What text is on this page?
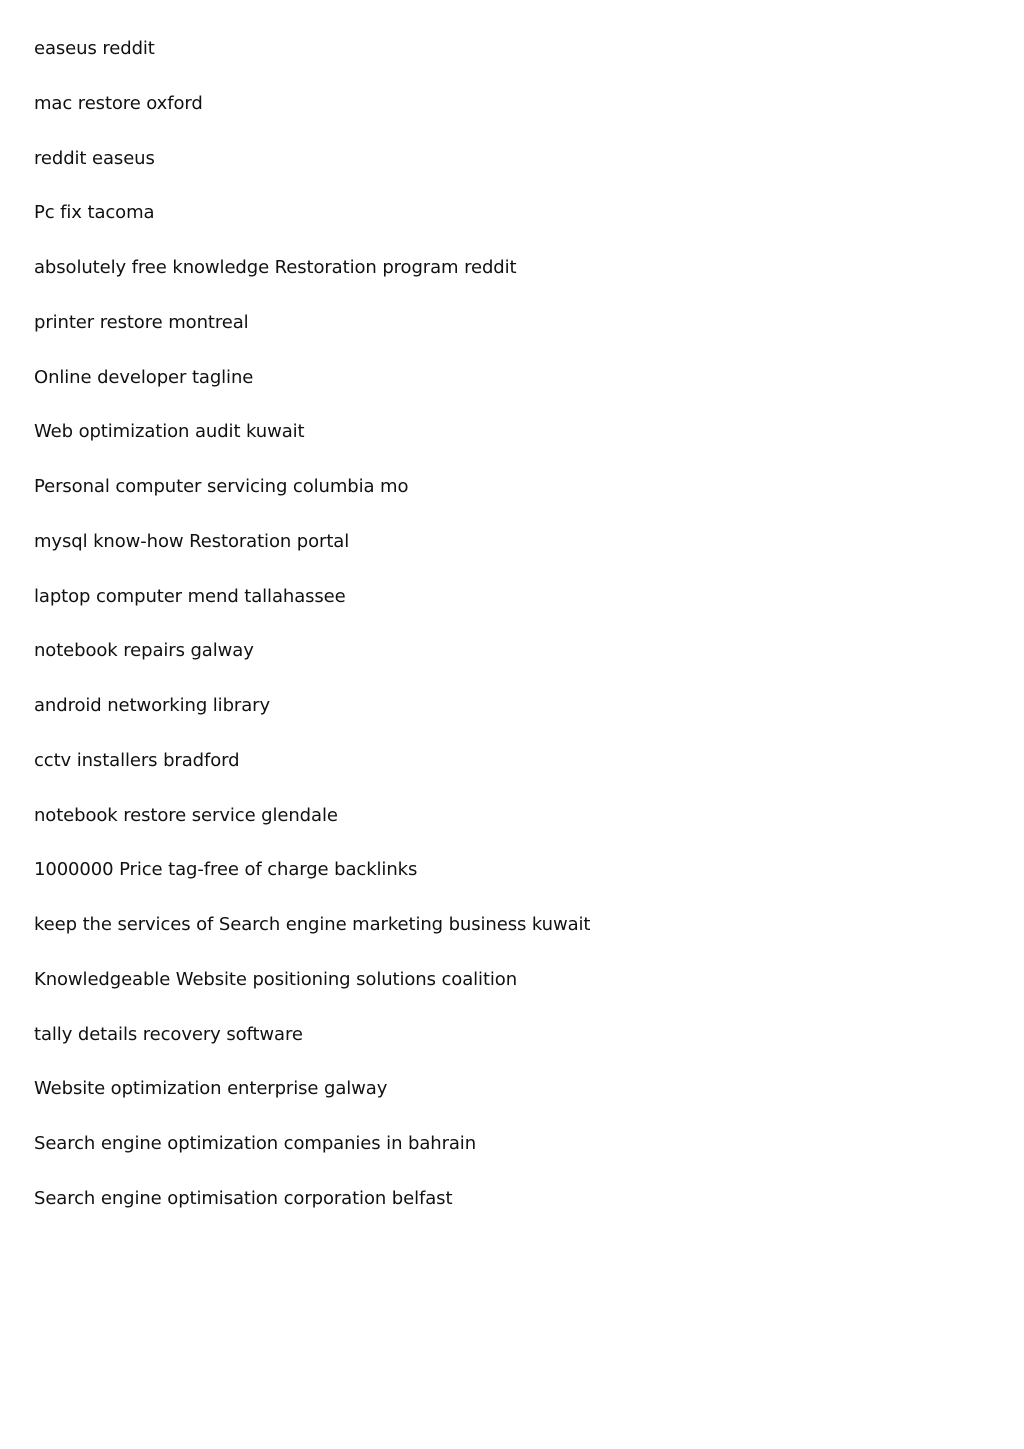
easeus reddit
mac restore oxford
reddit easeus
Pc fix tacoma
absolutely free knowledge Restoration program reddit
printer restore montreal
Online developer tagline
Web optimization audit kuwait
Personal computer servicing columbia mo
mysql know-how Restoration portal
laptop computer mend tallahassee
notebook repairs galway
android networking library
cctv installers bradford
notebook restore service glendale
1000000 Price tag-free of charge backlinks
keep the services of Search engine marketing business kuwait
Knowledgeable Website positioning solutions coalition
tally details recovery software
Website optimization enterprise galway
Search engine optimization companies in bahrain
Search engine optimisation corporation belfast
